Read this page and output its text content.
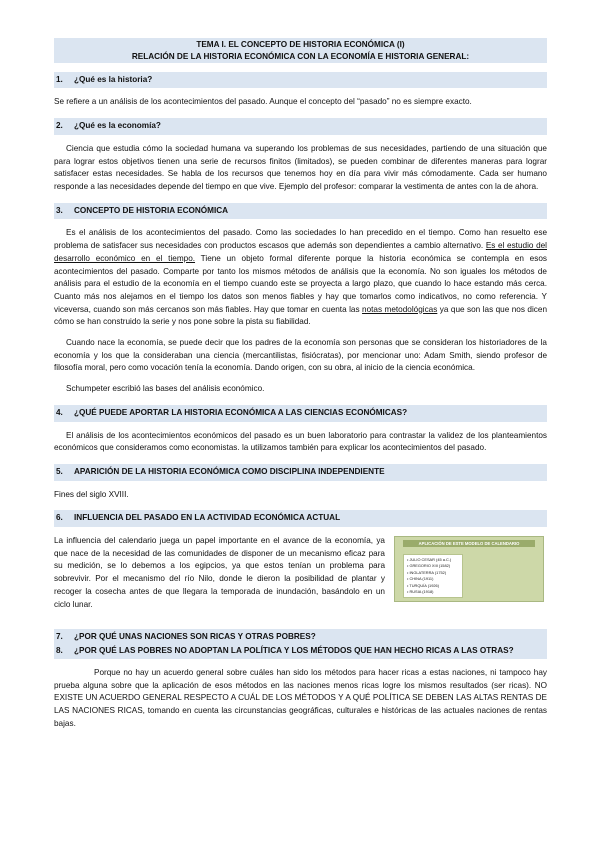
TEMA I. EL CONCEPTO DE HISTORIA ECONÓMICA (I)
RELACIÓN DE LA HISTORIA ECONÓMICA CON LA ECONOMÍA E HISTORIA GENERAL:
1. ¿Qué es la historia?

Se refiere a un análisis de los acontecimientos del pasado. Aunque el concepto del “pasado” no es siempre exacto.

2. ¿Qué es la economía?

Ciencia que estudia cómo la sociedad humana va superando los problemas de sus necesidades, partiendo de una situación que para lograr estos objetivos tienen una serie de recursos finitos (limitados), se pueden combinar de diferentes maneras para lograr satisfacer estas necesidades. Se habla de los recursos que tenemos hoy en día para vivir más cómodamente. Cada ser humano responde a las necesidades depende del tiempo en que vive. Ejemplo del profesor: comparar la vestimenta de antes con la de ahora.

3. CONCEPTO DE HISTORIA ECONÓMICA

Es el análisis de los acontecimientos del pasado. Como las sociedades lo han precedido en el tiempo. Como han resuelto ese problema de satisfacer sus necesidades con productos escasos que además son dependientes a cambio alternativo. Es el estudio del desarrollo económico en el tiempo. Tiene un objeto formal diferente porque la historia económica se contempla en esos acontecimientos del pasado. Comparte por tanto los mismos métodos de análisis que la economía. No son iguales los métodos de análisis para el estudio de la economía en el tiempo cuando este se proyecta a largo plazo, que cuando lo hace estando más cerca. Cuanto más nos alejamos en el tiempo los datos son menos fiables y hay que tomarlos como indicativos, no como referencia. Y viceversa, cuando son más cercanos son más fiables. Hay que tomar en cuenta las notas metodológicas ya que son las que nos dicen cómo se han construido la serie y nos pone sobre la pista su fiabilidad.

Cuando nace la economía, se puede decir que los padres de la economía son personas que se consideran los historiadores de la economía y los que la consideraban una ciencia (mercantilistas, fisiócratas), por mencionar uno: Adam Smith, siendo profesor de filosofía moral, pero como vocación tenía la economía. Dando origen, con su obra, al inicio de la ciencia económica.

Schumpeter escribió las bases del análisis económico.

4. ¿QUÉ PUEDE APORTAR LA HISTORIA ECONÓMICA A LAS CIENCIAS ECONÓMICAS?

El análisis de los acontecimientos económicos del pasado es un buen laboratorio para contrastar la validez de los planteamientos económicos que consideramos como economistas. la utilizamos también para explicar los acontecimientos del pasado.

5. APARICIÓN DE LA HISTORIA ECONÓMICA COMO DISCIPLINA INDEPENDIENTE

Fines del siglo XVIII.

6. INFLUENCIA DEL PASADO EN LA ACTIVIDAD ECONÓMICA ACTUAL

La influencia del calendario juega un papel importante en el avance de la economía, ya que nace de la necesidad de las comunidades de disponer de un mecanismo eficaz para su medición, se lo debemos a los egipcios, ya que estos tenían un problema para sobrevivir. Por el mecanismo del río Nilo, donde le dieron la posibilidad de plantar y recoger la cosecha antes de que llegara la temporada de inundación, basándolo en un ciclo lunar.

APLICACIÓN DE ESTE MODELO DE CALENDARIO
• JULIO CESAR (45 a.C.)
• GREGORIO XIII (1582)
• INGLATERRA (1752)
• CHINA (1911)
• TURQUÍA (1926)
• RUSIA (1918)
7. ¿POR QUÉ UNAS NACIONES SON RICAS Y OTRAS POBRES?
8. ¿POR QUÉ LAS POBRES NO ADOPTAN LA POLÍTICA Y LOS MÉTODOS QUE HAN HECHO RICAS A LAS OTRAS?

Porque no hay un acuerdo general sobre cuáles han sido los métodos para hacer ricas a estas naciones, ni tampoco hay prueba alguna sobre que la aplicación de esos métodos en las naciones menos ricas logre los mismos resultados (ser ricas). NO EXISTE UN ACUERDO GENERAL RESPECTO A CUÁL DE LOS MÉTODOS Y A QUÉ POLÍTICA SE DEBEN LAS ALTAS RENTAS DE LAS NACIONES RICAS, tomando en cuenta las circunstancias geográficas, culturales e históricas de las actuales naciones de rentas bajas.
